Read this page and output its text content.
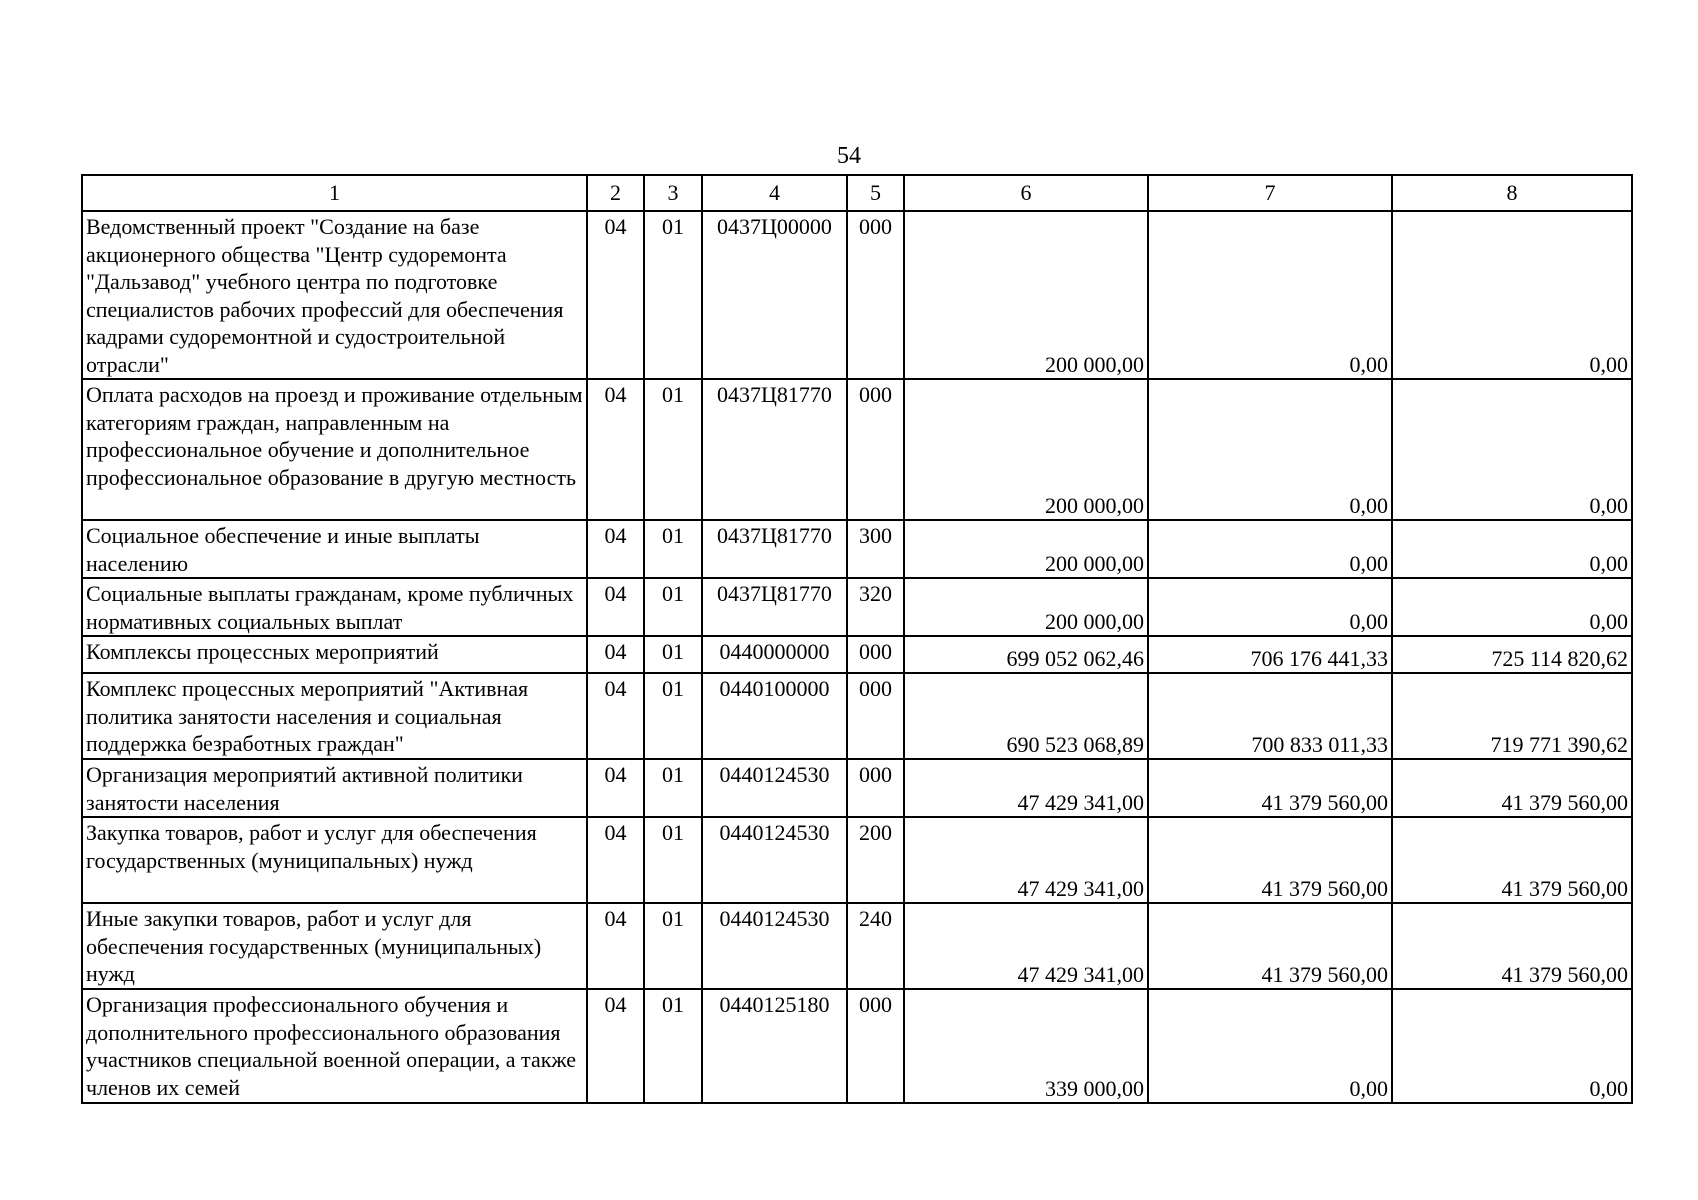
54
1	2	3	4	5	6	7	8
Ведомственный проект "Создание на базе акционерного общества "Центр судоремонта "Дальзавод" учебного центра по подготовке специалистов рабочих профессий для обеспечения кадрами судоремонтной и судостроительной отрасли"	04	01	0437Ц00000	000	200 000,00	0,00	0,00
Оплата расходов на проезд и проживание отдельным категориям граждан, направленным на профессиональное обучение и дополнительное профессиональное образование в другую местность	04	01	0437Ц81770	000	200 000,00	0,00	0,00
Социальное обеспечение и иные выплаты населению	04	01	0437Ц81770	300	200 000,00	0,00	0,00
Социальные выплаты гражданам, кроме публичных нормативных социальных выплат	04	01	0437Ц81770	320	200 000,00	0,00	0,00
Комплексы процессных мероприятий	04	01	0440000000	000	699 052 062,46	706 176 441,33	725 114 820,62
Комплекс процессных мероприятий "Активная политика занятости населения и социальная поддержка безработных граждан"	04	01	0440100000	000	690 523 068,89	700 833 011,33	719 771 390,62
Организация мероприятий активной политики занятости населения	04	01	0440124530	000	47 429 341,00	41 379 560,00	41 379 560,00
Закупка товаров, работ и услуг для обеспечения государственных (муниципальных) нужд	04	01	0440124530	200	47 429 341,00	41 379 560,00	41 379 560,00
Иные закупки товаров, работ и услуг для обеспечения государственных (муниципальных) нужд	04	01	0440124530	240	47 429 341,00	41 379 560,00	41 379 560,00
Организация профессионального обучения и дополнительного профессионального образования участников специальной военной операции, а также членов их семей	04	01	0440125180	000	339 000,00	0,00	0,00
